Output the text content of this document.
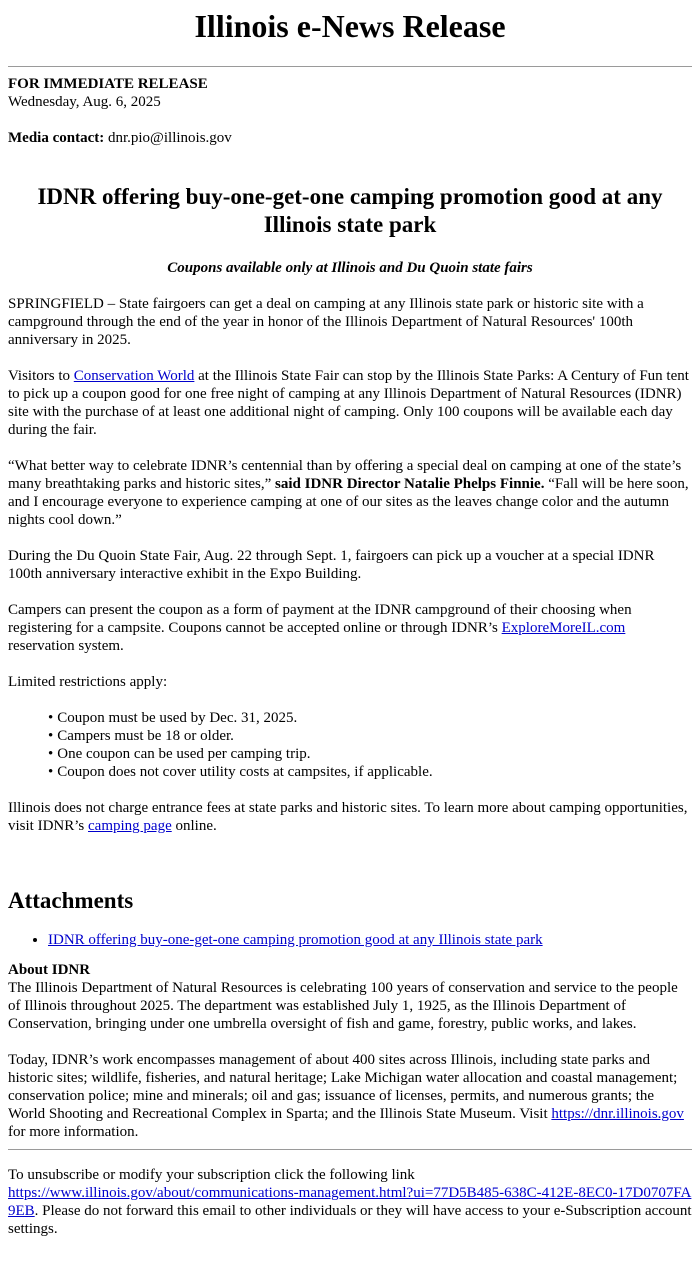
Illinois e-News Release
FOR IMMEDIATE RELEASE
Wednesday, Aug. 6, 2025

Media contact: dnr.pio@illinois.gov

IDNR offering buy-one-get-one camping promotion good at any Illinois state park
Coupons available only at Illinois and Du Quoin state fairs

SPRINGFIELD – State fairgoers can get a deal on camping at any Illinois state park or historic site with a campground through the end of the year in honor of the Illinois Department of Natural Resources' 100th anniversary in 2025.

Visitors to Conservation World at the Illinois State Fair can stop by the Illinois State Parks: A Century of Fun tent to pick up a coupon good for one free night of camping at any Illinois Department of Natural Resources (IDNR) site with the purchase of at least one additional night of camping. Only 100 coupons will be available each day during the fair.

“What better way to celebrate IDNR’s centennial than by offering a special deal on camping at one of the state’s many breathtaking parks and historic sites,” said IDNR Director Natalie Phelps Finnie. “Fall will be here soon, and I encourage everyone to experience camping at one of our sites as the leaves change color and the autumn nights cool down.”

During the Du Quoin State Fair, Aug. 22 through Sept. 1, fairgoers can pick up a voucher at a special IDNR 100th anniversary interactive exhibit in the Expo Building.

Campers can present the coupon as a form of payment at the IDNR campground of their choosing when registering for a campsite. Coupons cannot be accepted online or through IDNR’s ExploreMoreIL.com reservation system.

Limited restrictions apply:

• Coupon must be used by Dec. 31, 2025.
• Campers must be 18 or older.
• One coupon can be used per camping trip.
• Coupon does not cover utility costs at campsites, if applicable.

Illinois does not charge entrance fees at state parks and historic sites. To learn more about camping opportunities, visit IDNR’s camping page online.

Attachments
• IDNR offering buy-one-get-one camping promotion good at any Illinois state park
About IDNR

The Illinois Department of Natural Resources is celebrating 100 years of conservation and service to the people of Illinois throughout 2025. The department was established July 1, 1925, as the Illinois Department of Conservation, bringing under one umbrella oversight of fish and game, forestry, public works, and lakes.

Today, IDNR’s work encompasses management of about 400 sites across Illinois, including state parks and historic sites; wildlife, fisheries, and natural heritage; Lake Michigan water allocation and coastal management; conservation police; mine and minerals; oil and gas; issuance of licenses, permits, and numerous grants; the World Shooting and Recreational Complex in Sparta; and the Illinois State Museum. Visit https://dnr.illinois.gov for more information.

To unsubscribe or modify your subscription click the following link
https://www.illinois.gov/about/communications-management.html?ui=77D5B485-638C-412E-8EC0-17D0707FA9EB. Please do not forward this email to other individuals or they will have access to your e-Subscription account settings.
